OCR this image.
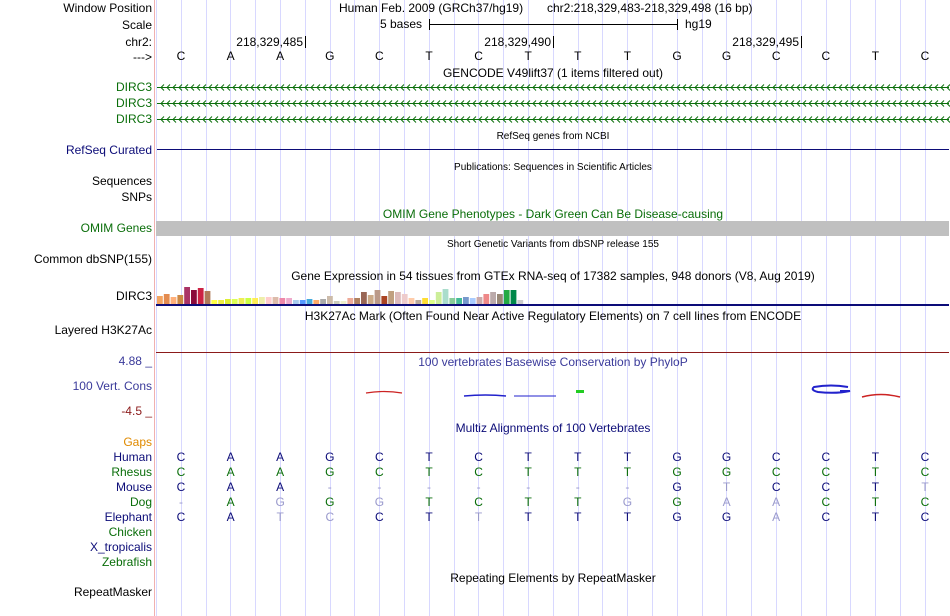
Window Position	Human Feb. 2009 (GRCh37/hg19) chr2:218,329,483-218,329,498 (16 bp)
Scale	5 bases	hg19
chr2:	218,329,485	218,329,490	218,329,495
--->	C	A	A	G	C	T	C	T	T	T	G	G	C	C	T	C
GENCODE V49lift37 (1 items filtered out)
DIRC3
DIRC3
DIRC3
RefSeq genes from NCBI
RefSeq Curated
Publications: Sequences in Scientific Articles
Sequences
SNPs
OMIM Gene Phenotypes - Dark Green Can Be Disease-causing
OMIM Genes
Short Genetic Variants from dbSNP release 155
Common dbSNP(155)
Gene Expression in 54 tissues from GTEx RNA-seq of 17382 samples, 948 donors (V8, Aug 2019)
DIRC3
H3K27Ac Mark (Often Found Near Active Regulatory Elements) on 7 cell lines from ENCODE
Layered H3K27Ac
100 vertebrates Basewise Conservation by PhyloP
4.88 _
100 Vert. Cons
-4.5 _
Multiz Alignments of 100 Vertebrates
Gaps
Human	C	A	A	G	C	T	C	T	T	T	G	G	C	C	T	C
Rhesus	C	A	A	G	C	T	C	T	T	T	G	G	C	C	T	C
Mouse	C	A	A	-	-	-	-	-	-	-	G	T	C	C	T	T
Dog	-	A	G	G	G	T	C	T	T	G	G	A	A	C	T	C
Elephant	C	A	T	C	C	T	T	T	T	T	G	G	A	C	T	C
Chicken
X_tropicalis
Zebrafish
Repeating Elements by RepeatMasker
RepeatMasker
